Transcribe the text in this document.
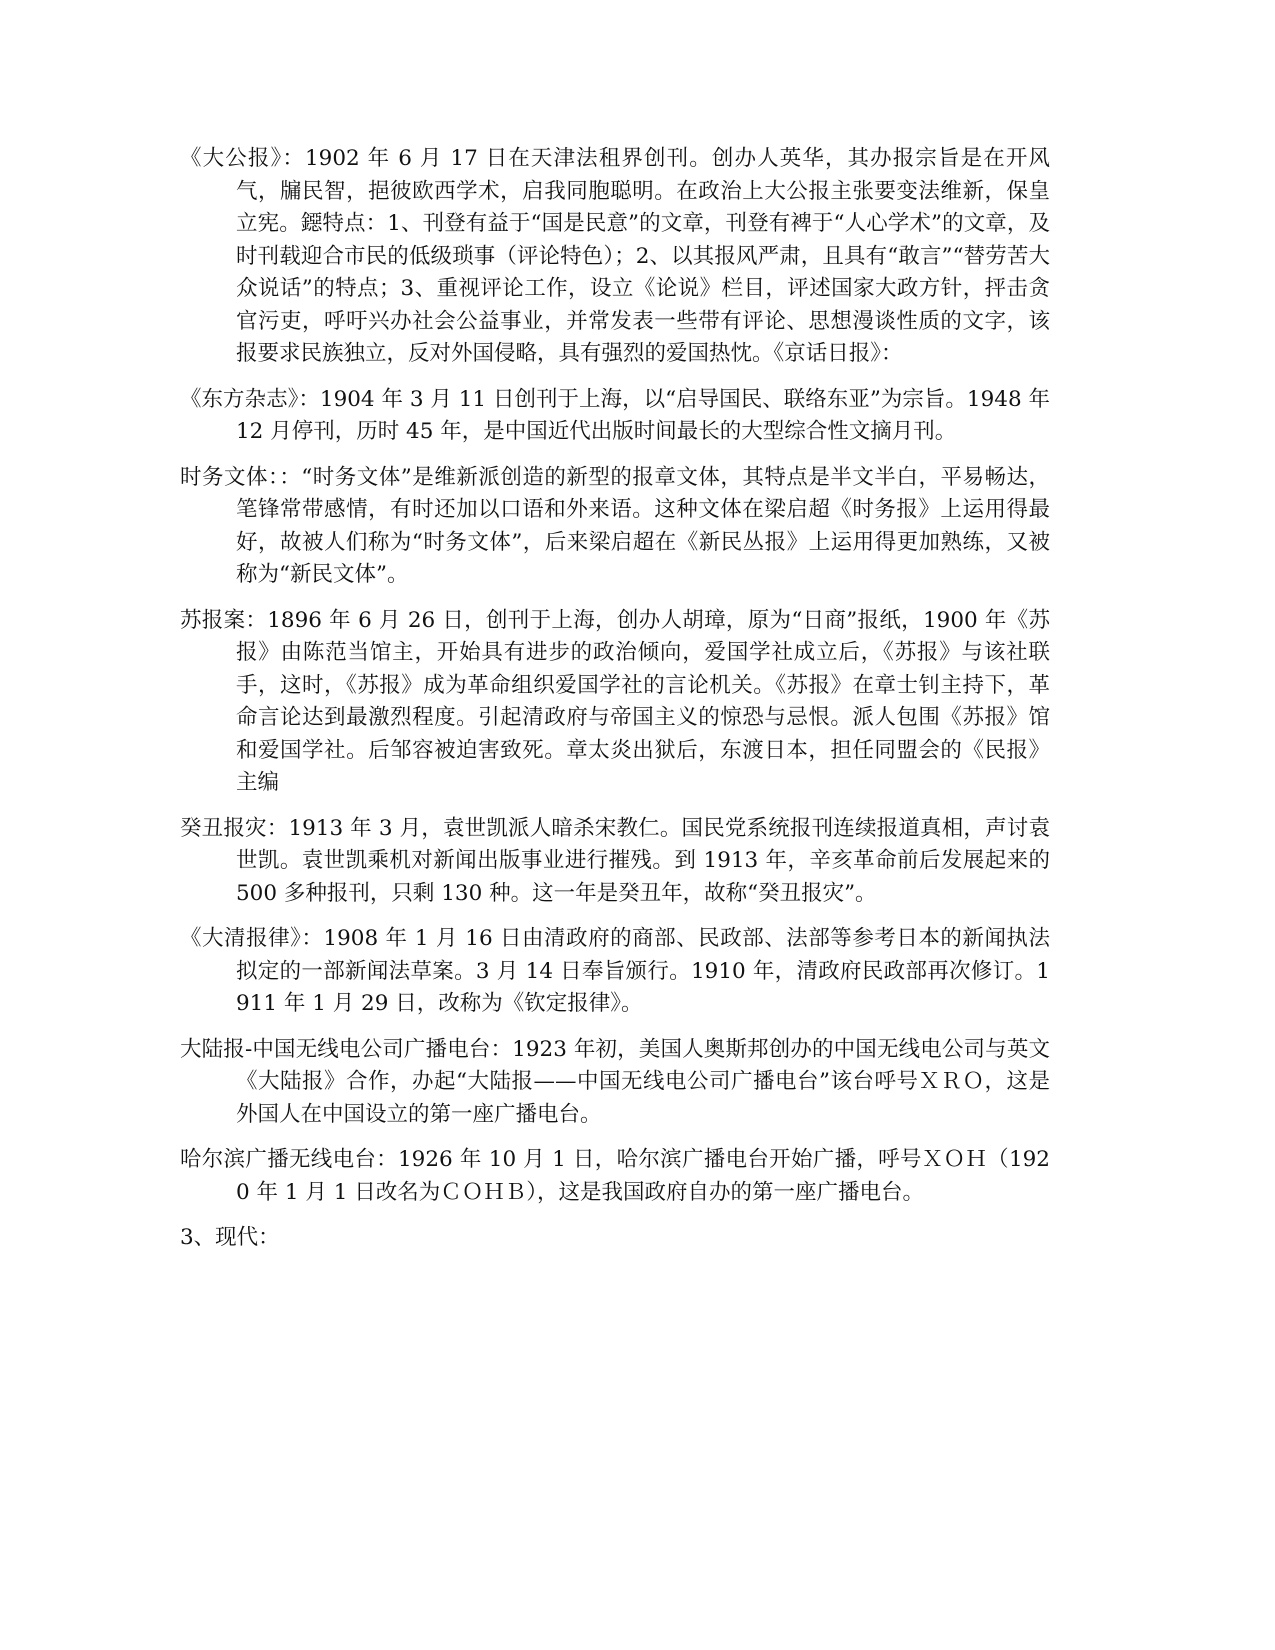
《大公报》：1902 年 6 月 17 日在天津法租界创刊。创办人英华，其办报宗旨是在开风气，牖民智，挹彼欧西学术，启我同胞聪明。在政治上大公报主张要变法维新，保皇立宪。鐚特点：1、刊登有益于“国是民意”的文章，刊登有裨于“人心学术”的文章，及时刊载迎合市民的低级琐事（评论特色）；2、以其报风严肃，且具有“敢言”“替劳苦大众说话”的特点；3、重视评论工作，设立《论说》栏目，评述国家大政方针，抨击贪官污吏，呼吁兴办社会公益事业，并常发表一些带有评论、思想漫谈性质的文字，该报要求民族独立，反对外国侵略，具有强烈的爱国热忱。《京话日报》：

《东方杂志》：1904 年 3 月 11 日创刊于上海，以“启导国民、联络东亚”为宗旨。1948 年 12 月停刊，历时 45 年，是中国近代出版时间最长的大型综合性文摘月刊。

时务文体：：“时务文体”是维新派创造的新型的报章文体，其特点是半文半白，平易畅达，笔锋常带感情，有时还加以口语和外来语。这种文体在梁启超《时务报》上运用得最好，故被人们称为“时务文体”，后来梁启超在《新民丛报》上运用得更加熟练，又被称为“新民文体”。

苏报案：1896 年 6 月 26 日，创刊于上海，创办人胡璋，原为“日商”报纸，1900 年《苏报》由陈范当馆主，开始具有进步的政治倾向，爱国学社成立后，《苏报》与该社联手，这时，《苏报》成为革命组织爱国学社的言论机关。《苏报》在章士钊主持下，革命言论达到最激烈程度。引起清政府与帝国主义的惊恐与忌恨。派人包围《苏报》馆和爱国学社。后邹容被迫害致死。章太炎出狱后，东渡日本，担任同盟会的《民报》主编

癸丑报灾：1913 年 3 月，袁世凯派人暗杀宋教仁。国民党系统报刊连续报道真相，声讨袁世凯。袁世凯乘机对新闻出版事业进行摧残。到 1913 年，辛亥革命前后发展起来的 500 多种报刊，只剩 130 种。这一年是癸丑年，故称“癸丑报灾”。

《大清报律》：1908 年 1 月 16 日由清政府的商部、民政部、法部等参考日本的新闻执法拟定的一部新闻法草案。3 月 14 日奉旨颁行。1910 年，清政府民政部再次修订。1911 年 1 月 29 日，改称为《钦定报律》。

大陆报-中国无线电公司广播电台：1923 年初，美国人奥斯邦创办的中国无线电公司与英文《大陆报》合作，办起“大陆报——中国无线电公司广播电台”该台呼号ＸＲＯ，这是外国人在中国设立的第一座广播电台。

哈尔滨广播无线电台：1926 年 10 月 1 日，哈尔滨广播电台开始广播，呼号ＸＯＨ（1920 年 1 月 1 日改名为ＣＯＨＢ），这是我国政府自办的第一座广播电台。

3、现代：
